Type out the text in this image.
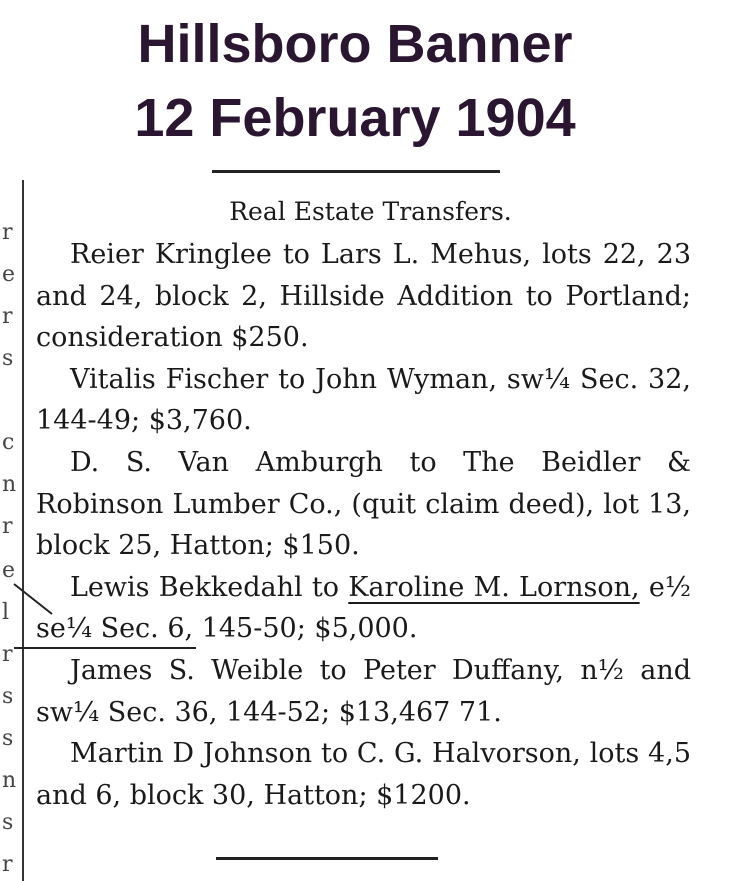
Hillsboro Banner
12 February 1904
r
e
r
s
c
n
r
e
l
r
s
s
n
s
r
Real Estate Transfers.

Reier Kringlee to Lars L. Mehus, lots 22, 23 and 24, block 2, Hillside Addition to Portland; consideration $250.

Vitalis Fischer to John Wyman, sw¼ Sec. 32, 144-49; $3,760.

D. S. Van Amburgh to The Beidler & Robinson Lumber Co., (quit claim deed), lot 13, block 25, Hatton; $150.

Lewis Bekkedahl to Karoline M. Lornson, e½ se¼ Sec. 6, 145-50; $5,000.

James S. Weible to Peter Duffany, n½ and sw¼ Sec. 36, 144-52; $13,467 71.

Martin D Johnson to C. G. Halvorson, lots 4,5 and 6, block 30, Hatton; $1200.
